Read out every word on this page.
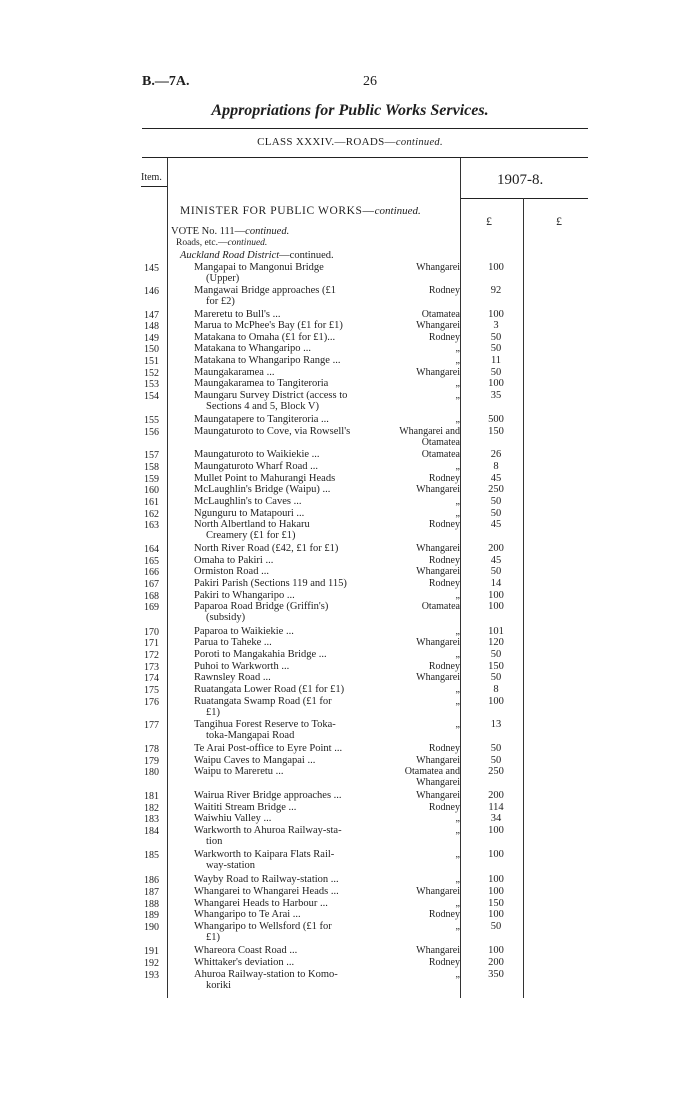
B.—7A.	26
Appropriations for Public Works Services.
CLASS XXXIV.—ROADS—continued.
Item.	1907-8.
£	£
MINISTER FOR PUBLIC WORKS—continued.
VOTE No. 111—continued.
Roads, etc.—continued.
Auckland Road District—continued.
145	Mangapai to Mangonui Bridge
(Upper)
Whangarei	100
146	Mangawai Bridge approaches (£1
for £2)
Rodney	92
147	Mareretu to Bull's ...	Otamatea	100
148	Marua to McPhee's Bay (£1 for £1)	Whangarei	3
149	Matakana to Omaha (£1 for £1)...	Rodney	50
150	Matakana to Whangaripo ...	„	50
151	Matakana to Whangaripo Range ...	„	11
152	Maungakaramea ...	Whangarei	50
153	Maungakaramea to Tangiteroria	„	100
154	Maungaru Survey District (access to
Sections 4 and 5, Block V)
„	35
155	Maungatapere to Tangiteroria ...	„	500
156	Maungaturoto to Cove, via Rowsell's	Whangarei and Otamatea
150
157	Maungaturoto to Waikiekie ...	Otamatea	26
158	Maungaturoto Wharf Road ...	„	8
159	Mullet Point to Mahurangi Heads	Rodney	45
160	McLaughlin's Bridge (Waipu) ...	Whangarei	250
161	McLaughlin's to Caves ...	„	50
162	Ngunguru to Matapouri ...	„	50
163	North Albertland to Hakaru
Creamery (£1 for £1)
Rodney	45
164	North River Road (£42, £1 for £1)	Whangarei	200
165	Omaha to Pakiri ...	Rodney	45
166	Ormiston Road ...	Whangarei	50
167	Pakiri Parish (Sections 119 and 115)	Rodney	14
168	Pakiri to Whangaripo ...	„	100
169	Paparoa Road Bridge (Griffin's)
(subsidy)
Otamatea	100
170	Paparoa to Waikiekie ...	„	101
171	Parua to Taheke ...	Whangarei	120
172	Poroti to Mangakahia Bridge ...	„	50
173	Puhoi to Warkworth ...	Rodney	150
174	Rawnsley Road ...	Whangarei	50
175	Ruatangata Lower Road (£1 for £1)	„	8
176	Ruatangata Swamp Road (£1 for
£1)
„	100
177	Tangihua Forest Reserve to Toka-
toka-Mangapai Road
„	13
178	Te Arai Post-office to Eyre Point ...	Rodney	50
179	Waipu Caves to Mangapai ...	Whangarei	50
180	Waipu to Mareretu ...	Otamatea and Whangarei
250
181	Wairua River Bridge approaches ...	Whangarei	200
182	Waititi Stream Bridge ...	Rodney	114
183	Waiwhiu Valley ...	„	34
184	Warkworth to Ahuroa Railway-sta-
tion
„	100
185	Warkworth to Kaipara Flats Rail-
way-station
„	100
186	Wayby Road to Railway-station ...	„	100
187	Whangarei to Whangarei Heads ...	Whangarei	100
188	Whangarei Heads to Harbour ...	„	150
189	Whangaripo to Te Arai ...	Rodney	100
190	Whangaripo to Wellsford (£1 for
£1)
„	50
191	Whareora Coast Road ...	Whangarei	100
192	Whittaker's deviation ...	Rodney	200
193	Ahuroa Railway-station to Komo-
koriki
„	350
